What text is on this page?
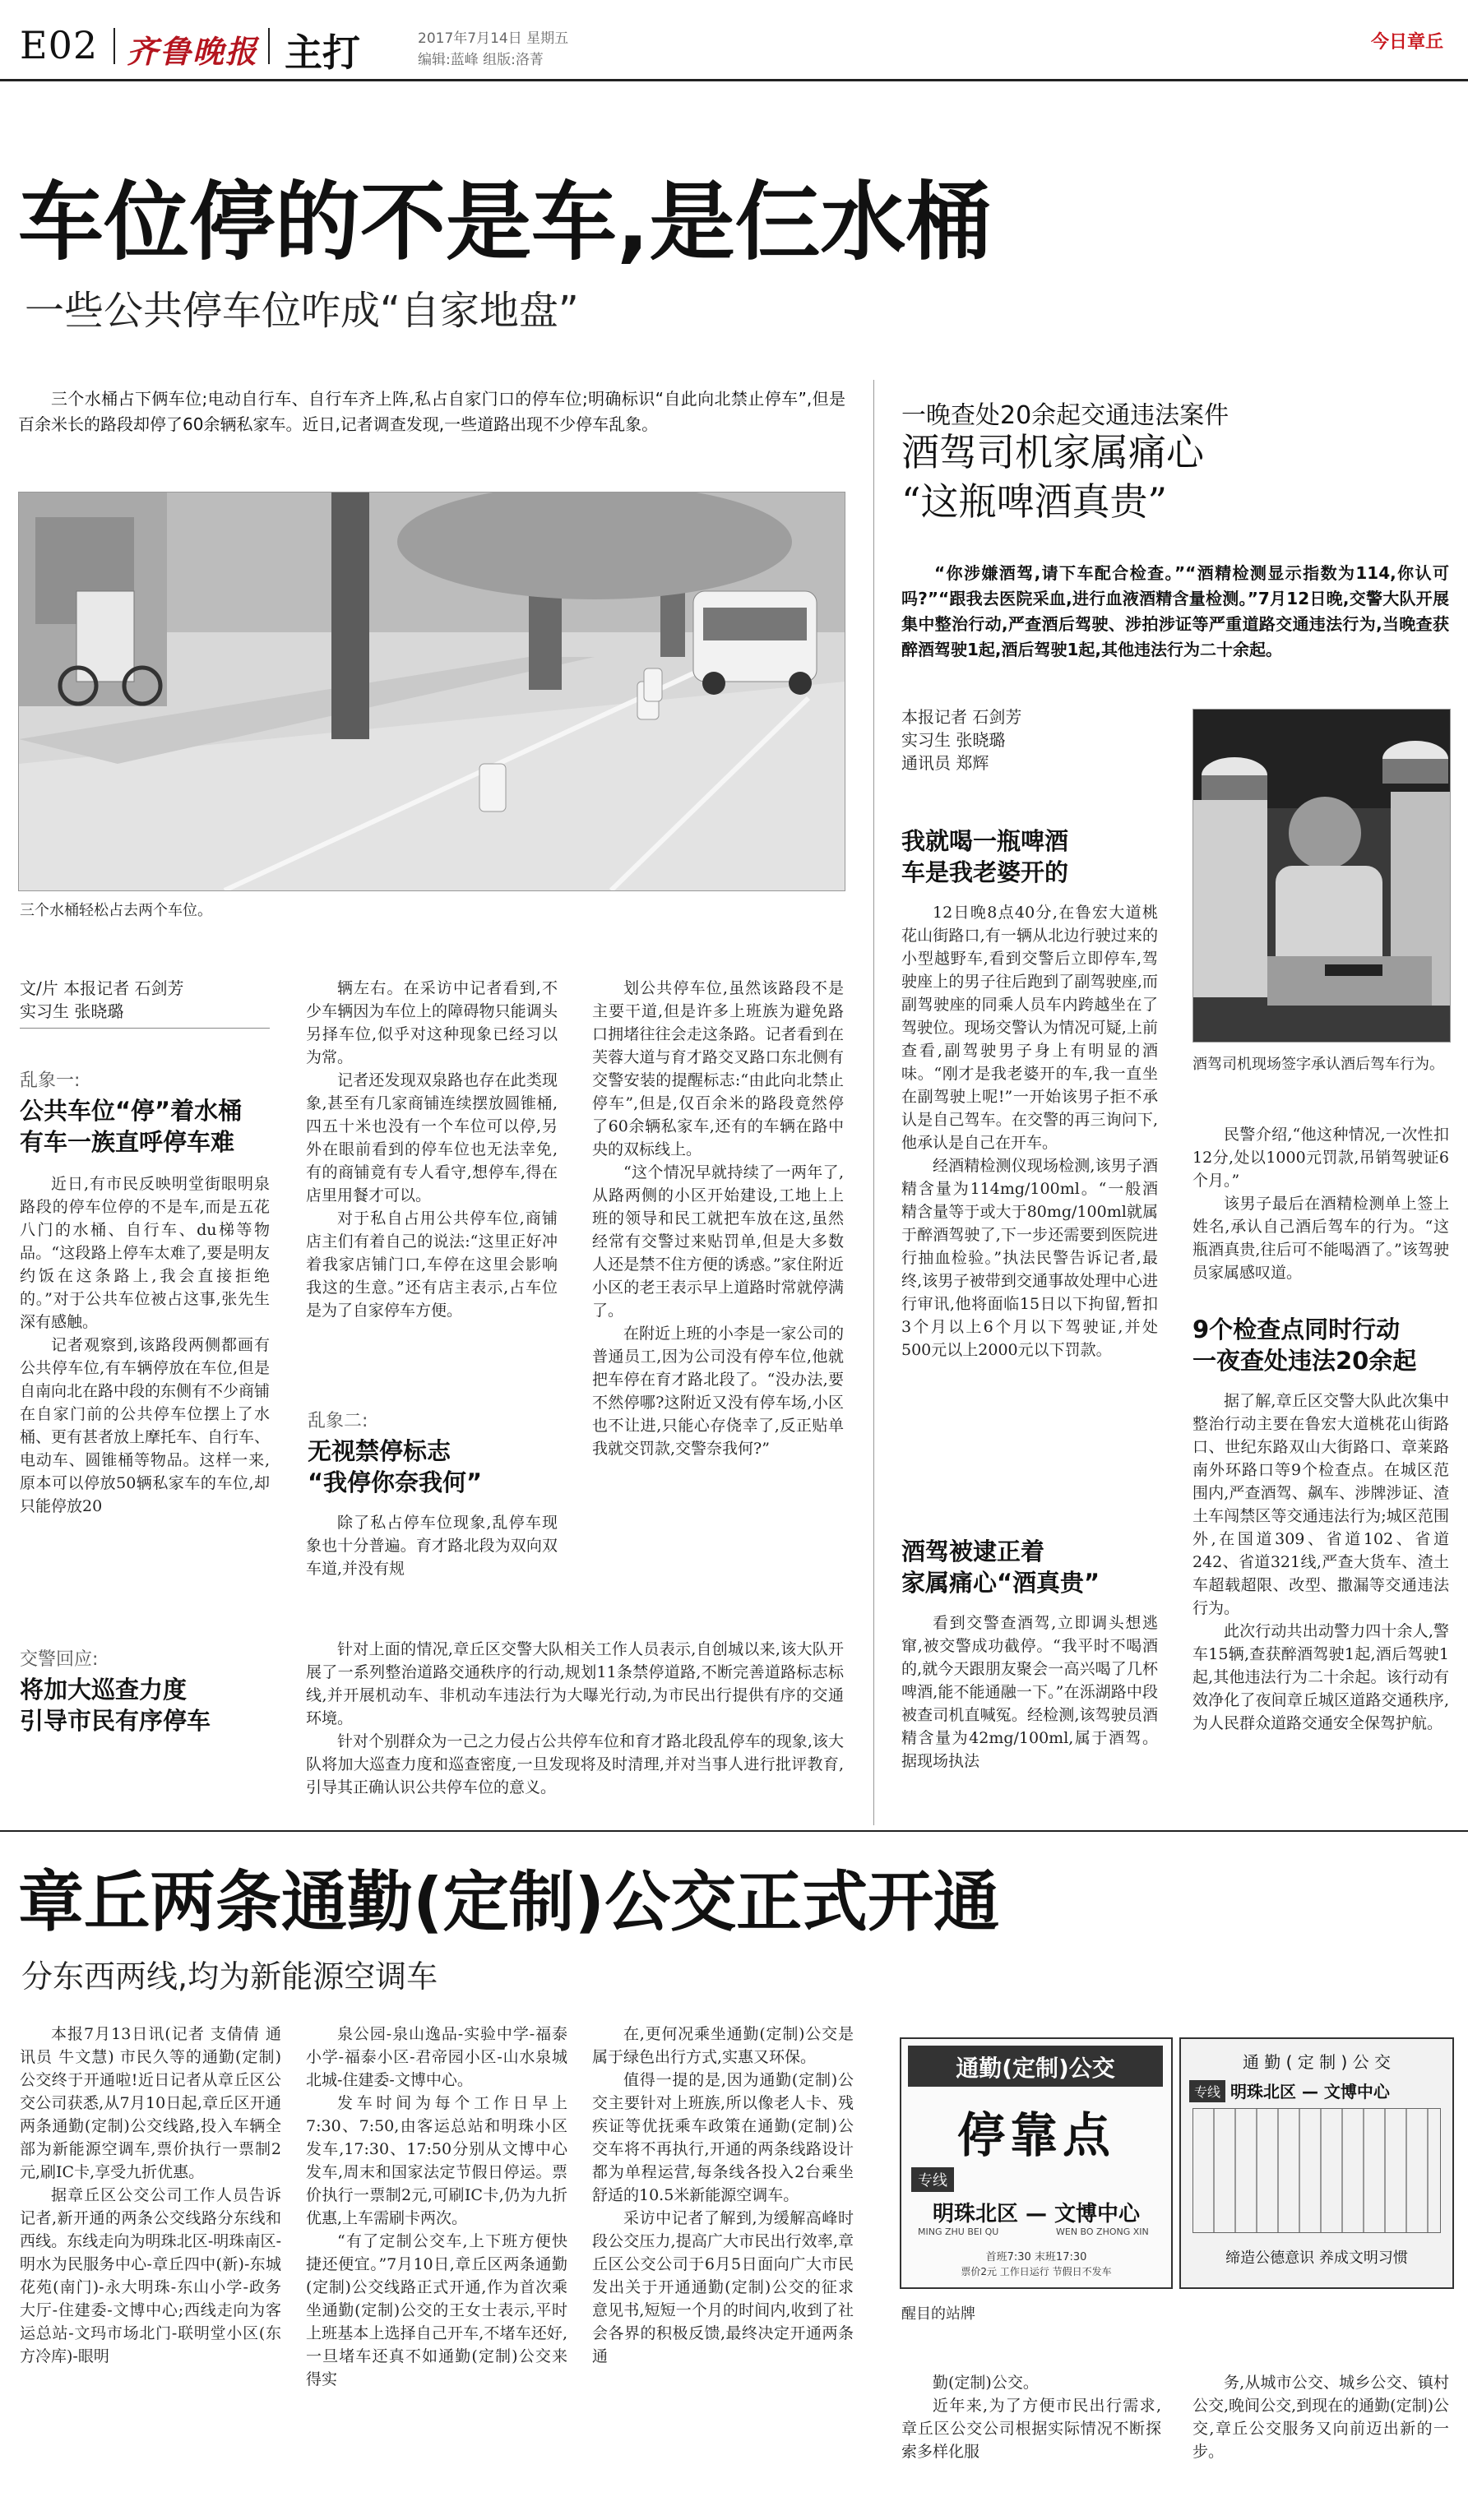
E02 齐鲁晚报 主打	2017年7月14日 星期五
编辑:蓝峰 组版:洛菁
今日章丘
车位停的不是车,是仨水桶
一些公共停车位咋成“自家地盘”

三个水桶占下俩车位;电动自行车、自行车齐上阵,私占自家门口的停车位;明确标识“自此向北禁止停车”,但是百余米长的路段却停了60余辆私家车。近日,记者调查发现,一些道路出现不少停车乱象。

三个水桶轻松占去两个车位。
文/片 本报记者 石剑芳
实习生 张晓璐
乱象一:
公共车位“停”着水桶
有车一族直呼停车难

近日,有市民反映明堂街眼明泉路段的停车位停的不是车,而是五花八门的水桶、自行车、du梯等物品。“这段路上停车太难了,要是明友约饭在这条路上,我会直接拒绝的。”对于公共车位被占这事,张先生深有感触。

记者观察到,该路段两侧都画有公共停车位,有车辆停放在车位,但是自南向北在路中段的东侧有不少商铺在自家门前的公共停车位摆上了水桶、更有甚者放上摩托车、自行车、电动车、圆锥桶等物品。这样一来,原本可以停放50辆私家车的车位,却只能停放20

辆左右。在采访中记者看到,不少车辆因为车位上的障碍物只能调头另择车位,似乎对这种现象已经习以为常。

记者还发现双泉路也存在此类现象,甚至有几家商铺连续摆放圆锥桶,四五十米也没有一个车位可以停,另外在眼前看到的停车位也无法幸免,有的商铺竟有专人看守,想停车,得在店里用餐才可以。

对于私自占用公共停车位,商铺店主们有着自己的说法:“这里正好冲着我家店铺门口,车停在这里会影响我这的生意。”还有店主表示,占车位是为了自家停车方便。

乱象二:
无视禁停标志
“我停你奈我何”

除了私占停车位现象,乱停车现象也十分普遍。育才路北段为双向双车道,并没有规

划公共停车位,虽然该路段不是主要干道,但是许多上班族为避免路口拥堵往往会走这条路。记者看到在芙蓉大道与育才路交叉路口东北侧有交警安装的提醒标志:“由此向北禁止停车”,但是,仅百余米的路段竟然停了60余辆私家车,还有的车辆在路中央的双标线上。

“这个情况早就持续了一两年了,从路两侧的小区开始建设,工地上上班的领导和民工就把车放在这,虽然经常有交警过来贴罚单,但是大多数人还是禁不住方便的诱惑。”家住附近小区的老王表示早上道路时常就停满了。

在附近上班的小李是一家公司的普通员工,因为公司没有停车位,他就把车停在育才路北段了。“没办法,要不然停哪?这附近又没有停车场,小区也不让进,只能心存侥幸了,反正贴单我就交罚款,交警奈我何?”

交警回应:
将加大巡查力度
引导市民有序停车

针对上面的情况,章丘区交警大队相关工作人员表示,自创城以来,该大队开展了一系列整治道路交通秩序的行动,规划11条禁停道路,不断完善道路标志标线,并开展机动车、非机动车违法行为大曝光行动,为市民出行提供有序的交通环境。

针对个别群众为一己之力侵占公共停车位和育才路北段乱停车的现象,该大队将加大巡查力度和巡查密度,一旦发现将及时清理,并对当事人进行批评教育,引导其正确认识公共停车位的意义。

一晚查处20余起交通违法案件
酒驾司机家属痛心
“这瓶啤酒真贵”

“你涉嫌酒驾,请下车配合检查。”“酒精检测显示指数为114,你认可吗?”“跟我去医院采血,进行血液酒精含量检测。”7月12日晚,交警大队开展集中整治行动,严查酒后驾驶、涉拍涉证等严重道路交通违法行为,当晚查获醉酒驾驶1起,酒后驾驶1起,其他违法行为二十余起。

本报记者 石剑芳
实习生 张晓璐
通讯员 郑辉
酒驾司机现场签字承认酒后驾车行为。
我就喝一瓶啤酒
车是我老婆开的

12日晚8点40分,在鲁宏大道桃花山街路口,有一辆从北边行驶过来的小型越野车,看到交警后立即停车,驾驶座上的男子往后跑到了副驾驶座,而副驾驶座的同乘人员车内跨越坐在了驾驶位。现场交警认为情况可疑,上前查看,副驾驶男子身上有明显的酒味。“刚才是我老婆开的车,我一直坐在副驾驶上呢!”一开始该男子拒不承认是自己驾车。在交警的再三询问下,他承认是自己在开车。

经酒精检测仪现场检测,该男子酒精含量为114mg/100ml。“一般酒精含量等于或大于80mg/100ml就属于醉酒驾驶了,下一步还需要到医院进行抽血检验。”执法民警告诉记者,最终,该男子被带到交通事故处理中心进行审讯,他将面临15日以下拘留,暂扣3个月以上6个月以下驾驶证,并处500元以上2000元以下罚款。

酒驾被逮正着
家属痛心“酒真贵”

看到交警查酒驾,立即调头想逃窜,被交警成功截停。“我平时不喝酒的,就今天跟朋友聚会一高兴喝了几杯啤酒,能不能通融一下。”在泺湖路中段被查司机直喊冤。经检测,该驾驶员酒精含量为42mg/100ml,属于酒驾。据现场执法

民警介绍,“他这种情况,一次性扣12分,处以1000元罚款,吊销驾驶证6个月。”

该男子最后在酒精检测单上签上姓名,承认自己酒后驾车的行为。“这瓶酒真贵,往后可不能喝酒了。”该驾驶员家属感叹道。

9个检查点同时行动
一夜查处违法20余起

据了解,章丘区交警大队此次集中整治行动主要在鲁宏大道桃花山街路口、世纪东路双山大街路口、章莱路南外环路口等9个检查点。在城区范围内,严查酒驾、飙车、涉牌涉证、渣土车闯禁区等交通违法行为;城区范围外,在国道309、省道102、省道242、省道321线,严查大货车、渣土车超载超限、改型、撒漏等交通违法行为。

此次行动共出动警力四十余人,警车15辆,查获醉酒驾驶1起,酒后驾驶1起,其他违法行为二十余起。该行动有效净化了夜间章丘城区道路交通秩序,为人民群众道路交通安全保驾护航。

章丘两条通勤(定制)公交正式开通
分东西两线,均为新能源空调车

本报7月13日讯(记者 支倩倩 通讯员 牛文慧) 市民久等的通勤(定制)公交终于开通啦!近日记者从章丘区公交公司获悉,从7月10日起,章丘区开通两条通勤(定制)公交线路,投入车辆全部为新能源空调车,票价执行一票制2元,刷IC卡,享受九折优惠。

据章丘区公交公司工作人员告诉记者,新开通的两条公交线路分东线和西线。东线走向为明珠北区-明珠南区-明水为民服务中心-章丘四中(新)-东城花苑(南门)-永大明珠-东山小学-政务大厅-住建委-文博中心;西线走向为客运总站-文玛市场北门-联明堂小区(东方冷库)-眼明

泉公园-泉山逸品-实验中学-福泰小学-福泰小区-君帝园小区-山水泉城北城-住建委-文博中心。

发车时间为每个工作日早上7:30、7:50,由客运总站和明珠小区发车,17:30、17:50分别从文博中心发车,周末和国家法定节假日停运。票价执行一票制2元,可刷IC卡,仍为九折优惠,上车需刷卡两次。

“有了定制公交车,上下班方便快捷还便宜。”7月10日,章丘区两条通勤(定制)公交线路正式开通,作为首次乘坐通勤(定制)公交的王女士表示,平时上班基本上选择自己开车,不堵车还好,一旦堵车还真不如通勤(定制)公交来得实

在,更何况乘坐通勤(定制)公交是属于绿色出行方式,实惠又环保。

值得一提的是,因为通勤(定制)公交主要针对上班族,所以像老人卡、残疾证等优抚乘车政策在通勤(定制)公交车将不再执行,开通的两条线路设计都为单程运营,每条线各投入2台乘坐舒适的10.5米新能源空调车。

采访中记者了解到,为缓解高峰时段公交压力,提高广大市民出行效率,章丘区公交公司于6月5日面向广大市民发出关于开通通勤(定制)公交的征求意见书,短短一个月的时间内,收到了社会各界的积极反馈,最终决定开通两条通

通勤(定制)公交
停靠点
专线
明珠北区 — 文博中心
MING ZHU BEI QU	WEN BO ZHONG XIN
首班7:30 末班17:30
票价2元 工作日运行 节假日不发车
通 勤 ( 定 制 ) 公 交
专线 明珠北区 — 文博中心
缔造公德意识 养成文明习惯
醒目的站牌

勤(定制)公交。

近年来,为了方便市民出行需求,章丘区公交公司根据实际情况不断探索多样化服

务,从城市公交、城乡公交、镇村公交,晚间公交,到现在的通勤(定制)公交,章丘公交服务又向前迈出新的一步。
